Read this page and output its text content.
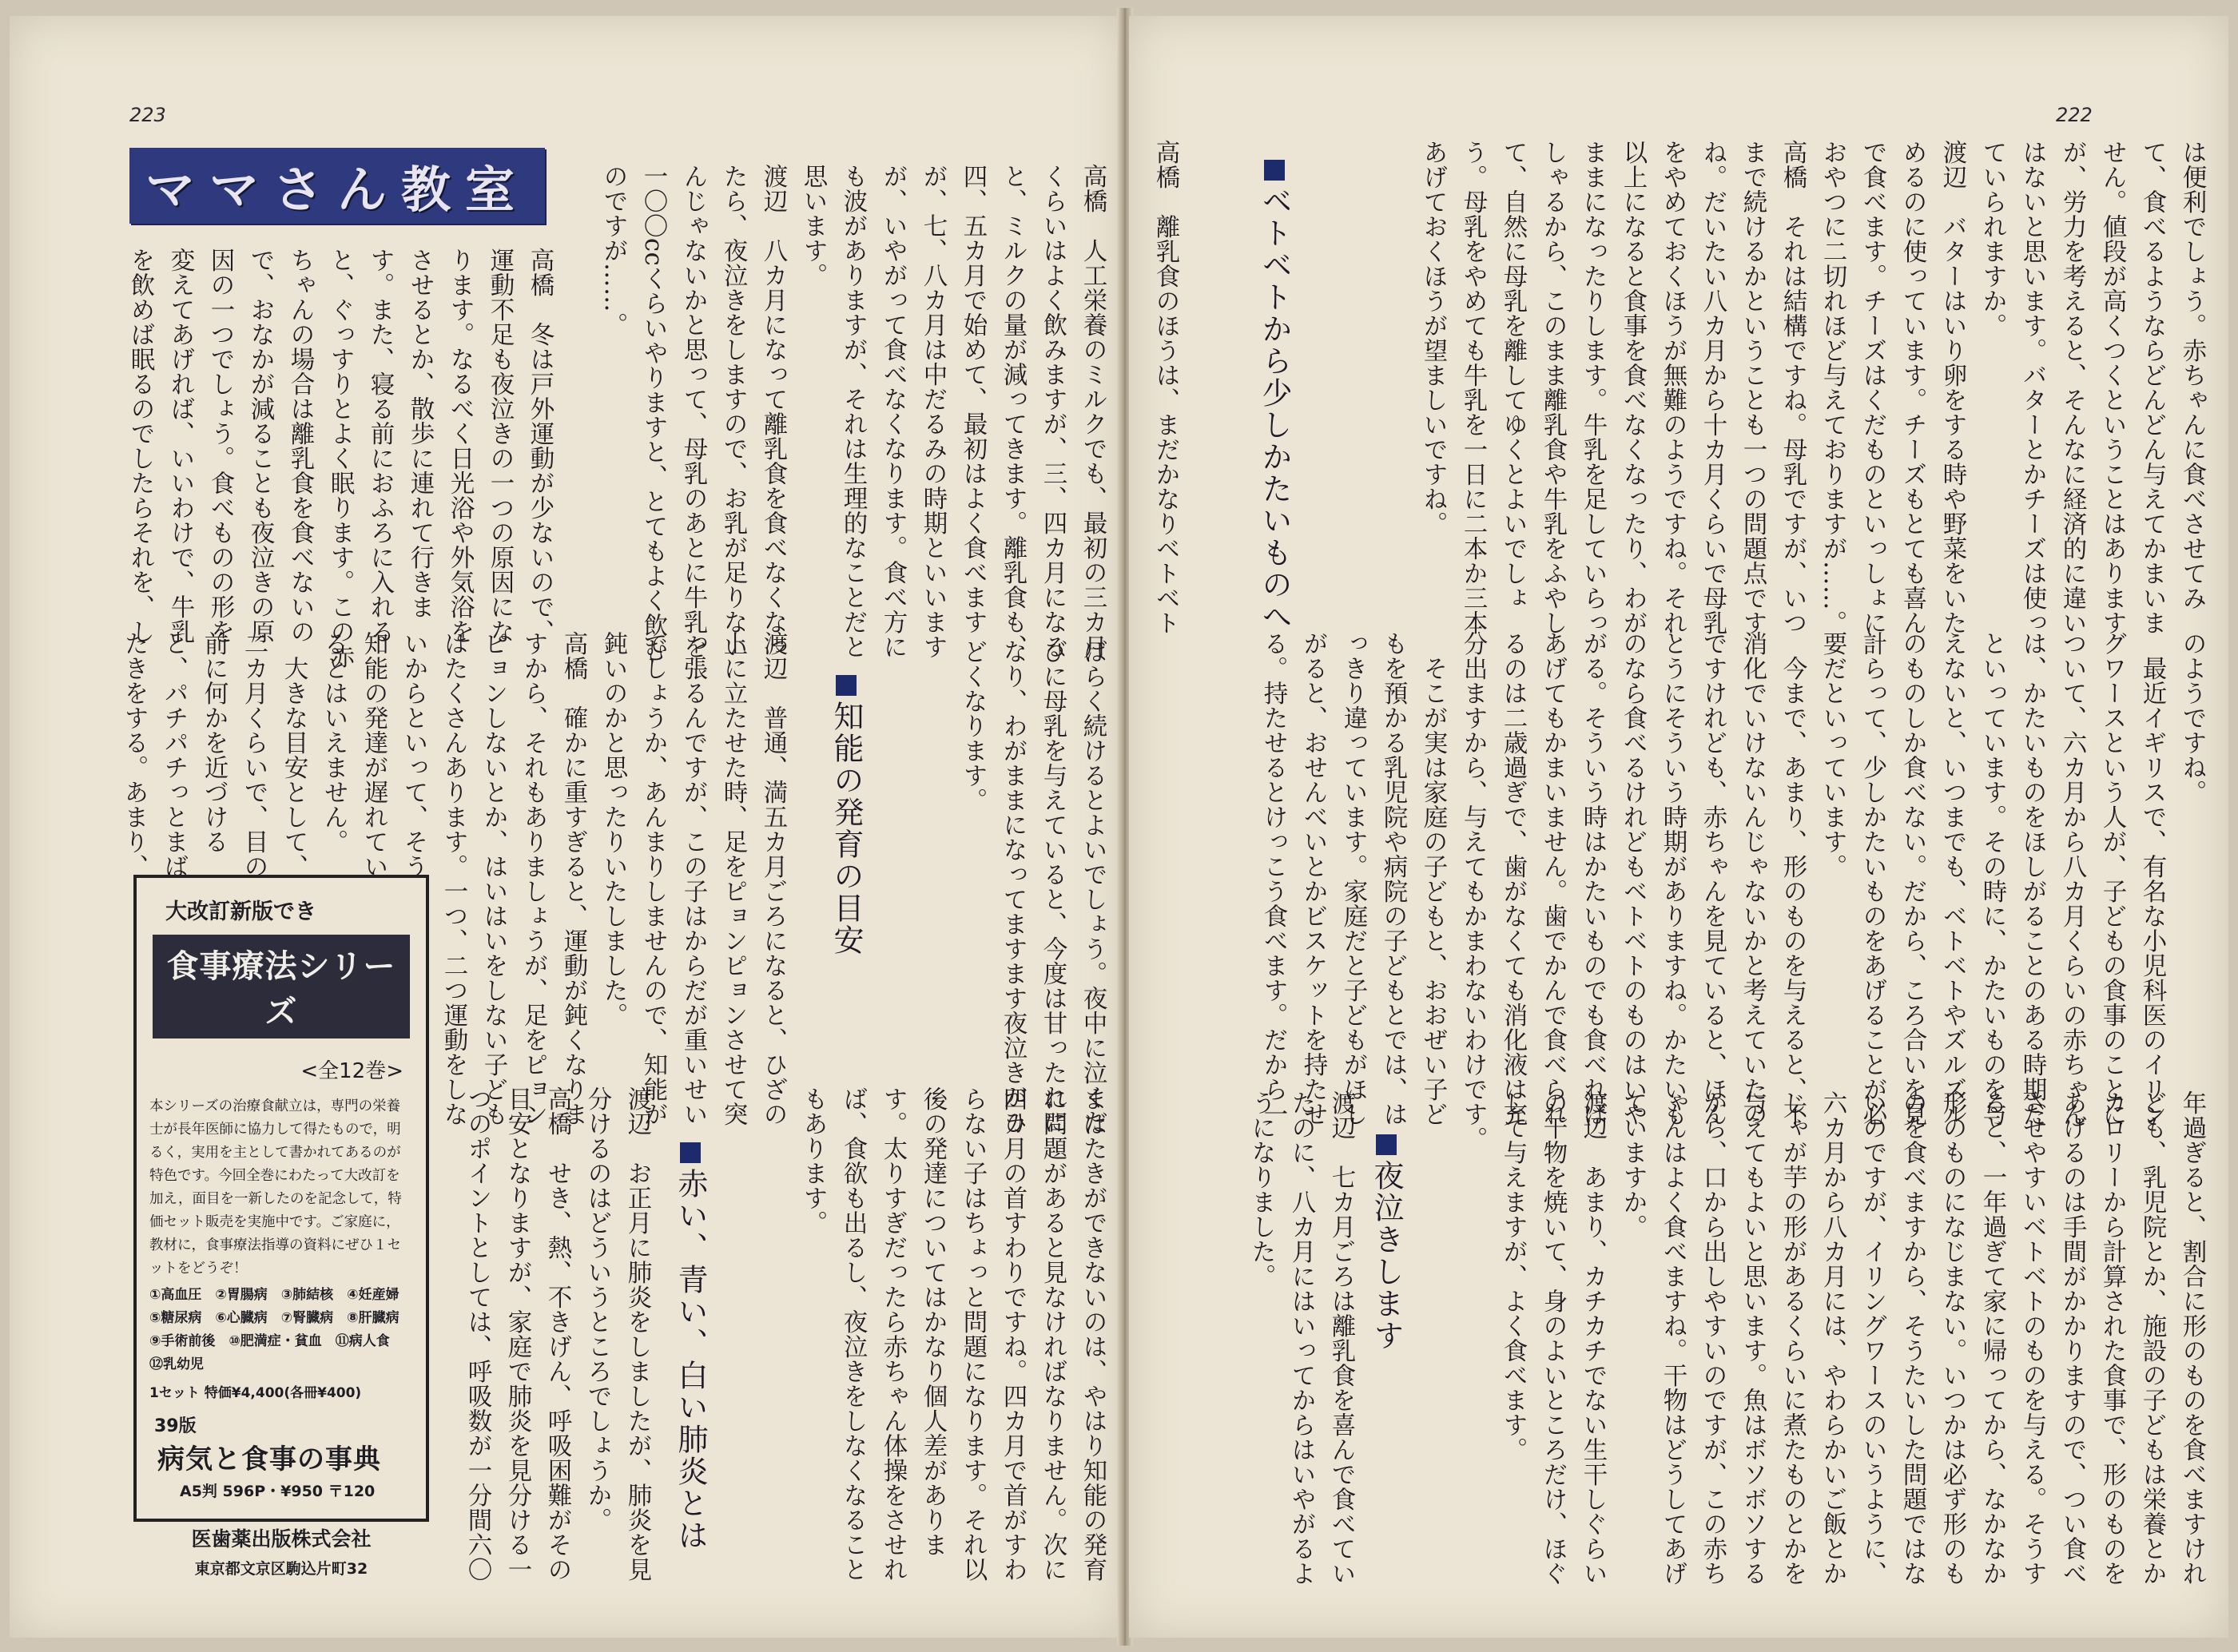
223
ママさん教室	高橋　人工栄養のミルクでも、最初の三カ月
くらいはよく飲みますが、三、四カ月になる
と、ミルクの量が減ってきます。離乳食も、
四、五カ月で始めて、最初はよく食べます
が、七、八カ月は中だるみの時期といいます
が、いやがって食べなくなります。食べ方に
も波がありますが、それは生理的なことだと
思います。
渡辺　八カ月になって離乳食を食べなくなっ
たら、夜泣きをしますので、お乳が足りない
んじゃないかと思って、母乳のあとに牛乳を
一〇〇ccくらいやりますと、とてもよく飲む
のですが……。
高橋　冬は戸外運動が少ないので、
運動不足も夜泣きの一つの原因にな
ります。なるべく日光浴や外気浴を
させるとか、散歩に連れて行きま
す。また、寝る前におふろに入れる
と、ぐっすりとよく眠ります。この赤
ちゃんの場合は離乳食を食べないの
で、おなかが減ることも夜泣きの原
因の一つでしょう。食べものの形を
変えてあげれば、いいわけで、牛乳
を飲めば眠るのでしたらそれを、し
ばらく続けるとよいでしょう。夜中に泣くた
びに母乳を与えていると、今度は甘ったれに
なり、わがままになってますます夜泣きがひ
どくなります。
知能の発育の目安
渡辺　普通、満五カ月ごろになると、ひざの
上に立たせた時、足をピョンピョンさせて突
っ張るんですが、この子はからだが重いせい
でしょうか、あんまりしませんので、知能が
鈍いのかと思ったりいたしました。
高橋　確かに重すぎると、運動が鈍くなりま
すから、それもありましょうが、足をピョン
ピョンしないとか、はいはいをしない子ども
はたくさんあります。一つ、二つ運動をしな
いからといって、そう
知能の発達が遅れてい
るとはいえません。
　大きな目安として、
二カ月くらいで、目の
前に何かを近づける
と、パチパチっとまば
たきをする。あまり、
まばたきができないのは、やはり知能の発育
に問題があると見なければなりません。次に
四カ月の首すわりですね。四カ月で首がすわ
らない子はちょっと問題になります。それ以
後の発達についてはかなり個人差がありま
す。太りすぎだったら赤ちゃん体操をさせれ
ば、食欲も出るし、夜泣きをしなくなること
もあります。
赤い、青い、白い肺炎とは
渡辺　お正月に肺炎をしましたが、肺炎を見
分けるのはどういうところでしょうか。
高橋　せき、熱、不きげん、呼吸困難がその
目安となりますが、家庭で肺炎を見分ける一
つのポイントとしては、呼吸数が一分間六〇
大改訂新版でき
食事療法シリーズ
<全12巻>
本シリーズの治療食献立は，専門の栄養士が長年医師に協力して得たもので，明るく，実用を主として書かれてあるのが特色です。今回全巻にわたって大改訂を加え，面目を一新したのを記念して，特価セット販売を実施中です。ご家庭に，教材に，食事療法指導の資料にぜひ１セットをどうぞ！
①高血圧　②胃腸病　③肺結核　④妊産婦　⑤糖尿病　⑥心臓病　⑦腎臓病　⑧肝臓病　⑨手術前後　⑩肥満症・貧血　⑪病人食　⑫乳幼児
1セット 特価¥4,400(各冊¥400)
39版
病気と食事の事典
A5判 596P・¥950 〒120
医歯薬出版株式会社
東京都文京区駒込片町32
222
は便利でしょう。赤ちゃんに食べさせてみ
て、食べるようならどんどん与えてかまいま
せん。値段が高くつくということはあります
が、労力を考えると、そんなに経済的に違い
はないと思います。バターとかチーズは使っ
ていられますか。
渡辺　バターはいり卵をする時や野菜をいた
めるのに使っています。チーズもとても喜ん
で食べます。チーズはくだものといっしょに
おやつに二切れほど与えておりますが……。
高橋　それは結構ですね。母乳ですが、いつ
まで続けるかということも一つの問題点です
ね。だいたい八カ月から十カ月くらいで母乳
をやめておくほうが無難のようですね。それ
以上になると食事を食べなくなったり、わが
ままになったりします。牛乳を足していらっ
しゃるから、このまま離乳食や牛乳をふやし
て、自然に母乳を離してゆくとよいでしょ
う。母乳をやめても牛乳を一日に二本か三本
あげておくほうが望ましいですね。
ベトベトから少しかたいものへ
高橋　離乳食のほうは、まだかなりベトベト
のようですね。
　最近イギリスで、有名な小児科医のイリン
グワースという人が、子どもの食事のことに
ついて、六カ月から八カ月くらいの赤ちゃん
は、かたいものをほしがることのある時期だ
といっています。その時に、かたいものを与
えないと、いつまでも、ベトベトやズルズル
のものしか食べない。だから、ころ合いを見
計らって、少しかたいものをあげることが必
要だといっています。
　今まで、あまり、形のものを与えると、不
消化でいけないんじゃないかと考えていたの
ですけれども、赤ちゃんを見ていると、ほん
とうにそういう時期がありますね。かたいも
のなら食べるけれどもベトベトのものはいや
がる。そういう時はかたいものでも食べれば
あげてもかまいません。歯でかんで食べられ
るのは二歳過ぎで、歯がなくても消化液は充
分出ますから、与えてもかまわないわけです。
　そこが実は家庭の子どもと、おおぜい子ど
もを預かる乳児院や病院の子どもとでは、は
っきり違っています。家庭だと子どもがほし
がると、おせんべいとかビスケットを持たせ
る。持たせるとけっこう食べます。だから一
年過ぎると、割合に形のものを食べますけれ
ども、乳児院とか、施設の子どもは栄養とか
カロリーから計算された食事で、形のものを
あげるのは手間がかかりますので、つい食べ
させやすいベトベトのものを与える。そうす
ると、一年過ぎて家に帰ってから、なかなか
形のものになじまない。いつかは必ず形のも
のを食べますから、そうたいした問題ではな
いのですが、イリングワースのいうように、
六カ月から八カ月には、やわらかいご飯とか
じゃが芋の形があるくらいに煮たものとかを
与えてもよいと思います。魚はボソボソする
から、口から出しやすいのですが、この赤ち
ゃんはよく食べますね。干物はどうしてあげ
ていますか。
渡辺　あまり、カチカチでない生干しぐらい
の干物を焼いて、身のよいところだけ、ほぐ
して与えますが、よく食べます。
夜泣きします
渡辺　七カ月ごろは離乳食を喜んで食べてい
たのに、八カ月にはいってからはいやがるよ
うになりました。
